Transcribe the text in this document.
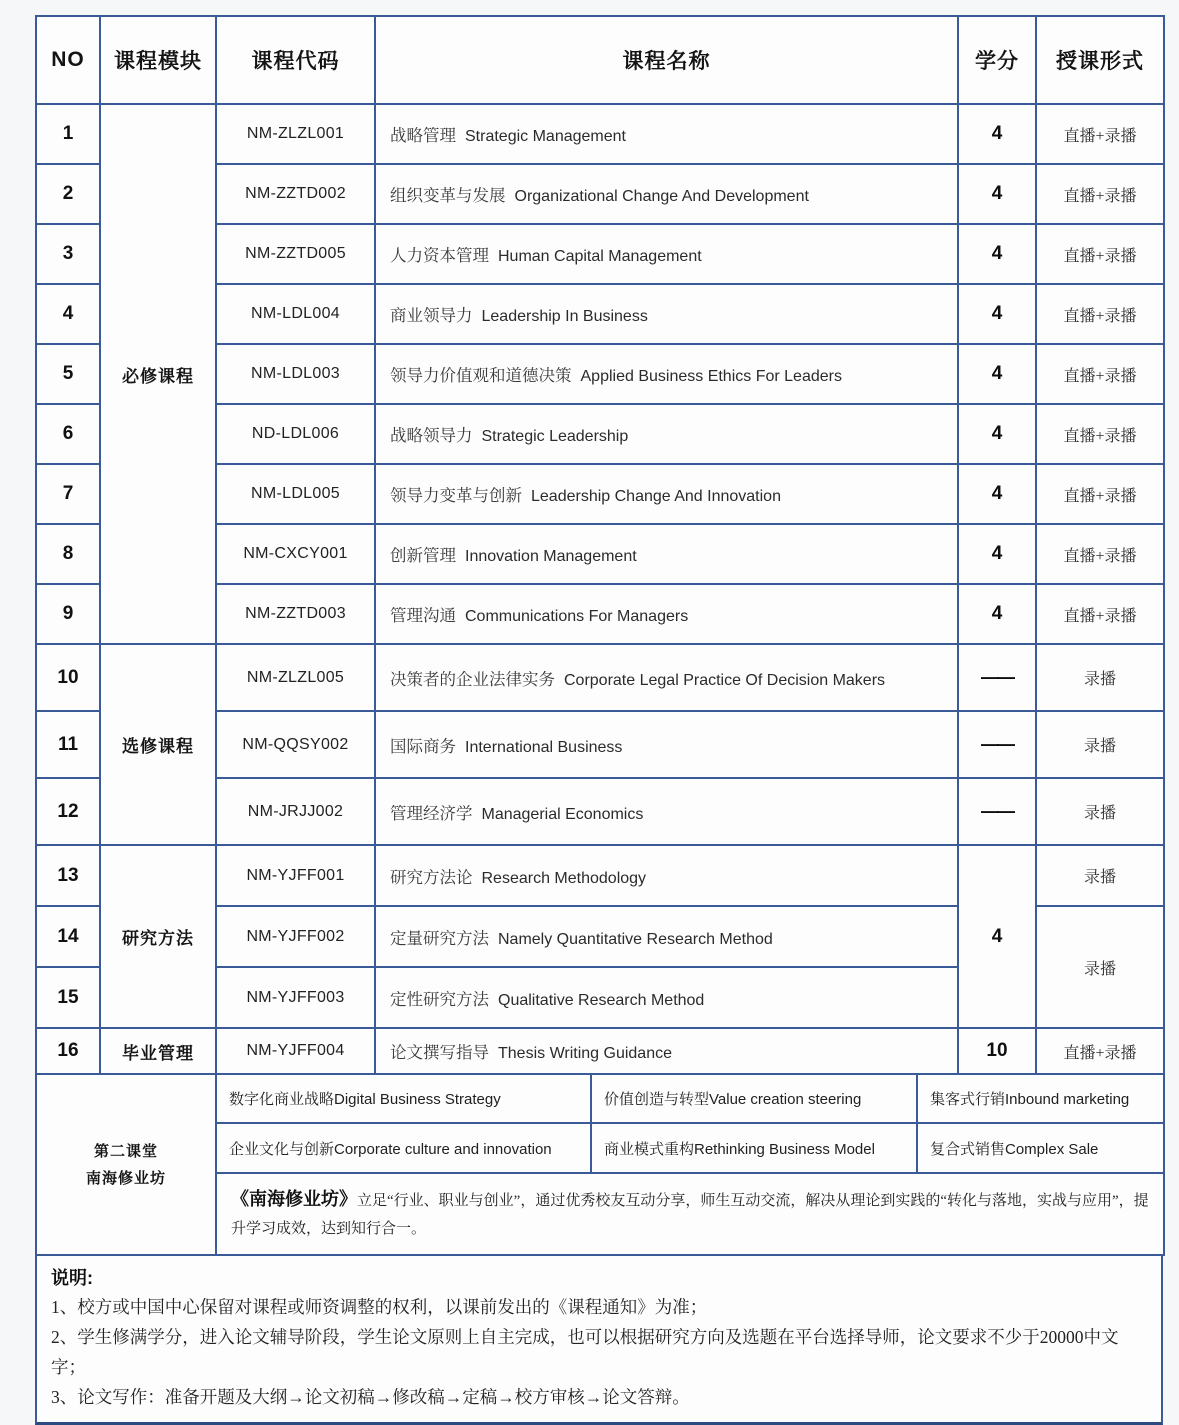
NO	课程模块	课程代码	课程名称	学分	授课形式
1	必修课程	NM-ZLZL001	战略管理 Strategic Management	4	直播+录播
2		NM-ZZTD002	组织变革与发展 Organizational Change And Development	4	直播+录播
3		NM-ZZTD005	人力资本管理 Human Capital Management	4	直播+录播
4		NM-LDL004	商业领导力 Leadership In Business	4	直播+录播
5		NM-LDL003	领导力价值观和道德决策 Applied Business Ethics For Leaders	4	直播+录播
6		ND-LDL006	战略领导力 Strategic Leadership	4	直播+录播
7		NM-LDL005	领导力变革与创新 Leadership Change And Innovation	4	直播+录播
8		NM-CXCY001	创新管理 Innovation Management	4	直播+录播
9		NM-ZZTD003	管理沟通 Communications For Managers	4	直播+录播
10	选修课程	NM-ZLZL005	决策者的企业法律实务 Corporate Legal Practice Of Decision Makers	——	录播
11		NM-QQSY002	国际商务 International Business	——	录播
12		NM-JRJJ002	管理经济学 Managerial Economics	——	录播
13	研究方法	NM-YJFF001	研究方法论 Research Methodology	4	录播
14		NM-YJFF002	定量研究方法 Namely Quantitative Research Method		录播
15		NM-YJFF003	定性研究方法 Qualitative Research Method		
16	毕业管理	NM-YJFF004	论文撰写指导 Thesis Writing Guidance	10	直播+录播
第二课堂
南海修业坊	数字化商业战略Digital Business Strategy	价值创造与转型Value creation steering	集客式行销Inbound marketing
	企业文化与创新Corporate culture and innovation	商业模式重构Rethinking Business Model	复合式销售Complex Sale
	《南海修业坊》立足“行业、职业与创业”，通过优秀校友互动分享，师生互动交流，解决从理论到实践的“转化与落地，实战与应用”，提升学习成效，达到知行合一。		
说明:
1、校方或中国中心保留对课程或师资调整的权利，以课前发出的《课程通知》为准；
2、学生修满学分，进入论文辅导阶段，学生论文原则上自主完成，也可以根据研究方向及选题在平台选择导师，论文要求不少于20000中文字；
3、论文写作：准备开题及大纲→论文初稿→修改稿→定稿→校方审核→论文答辩。
